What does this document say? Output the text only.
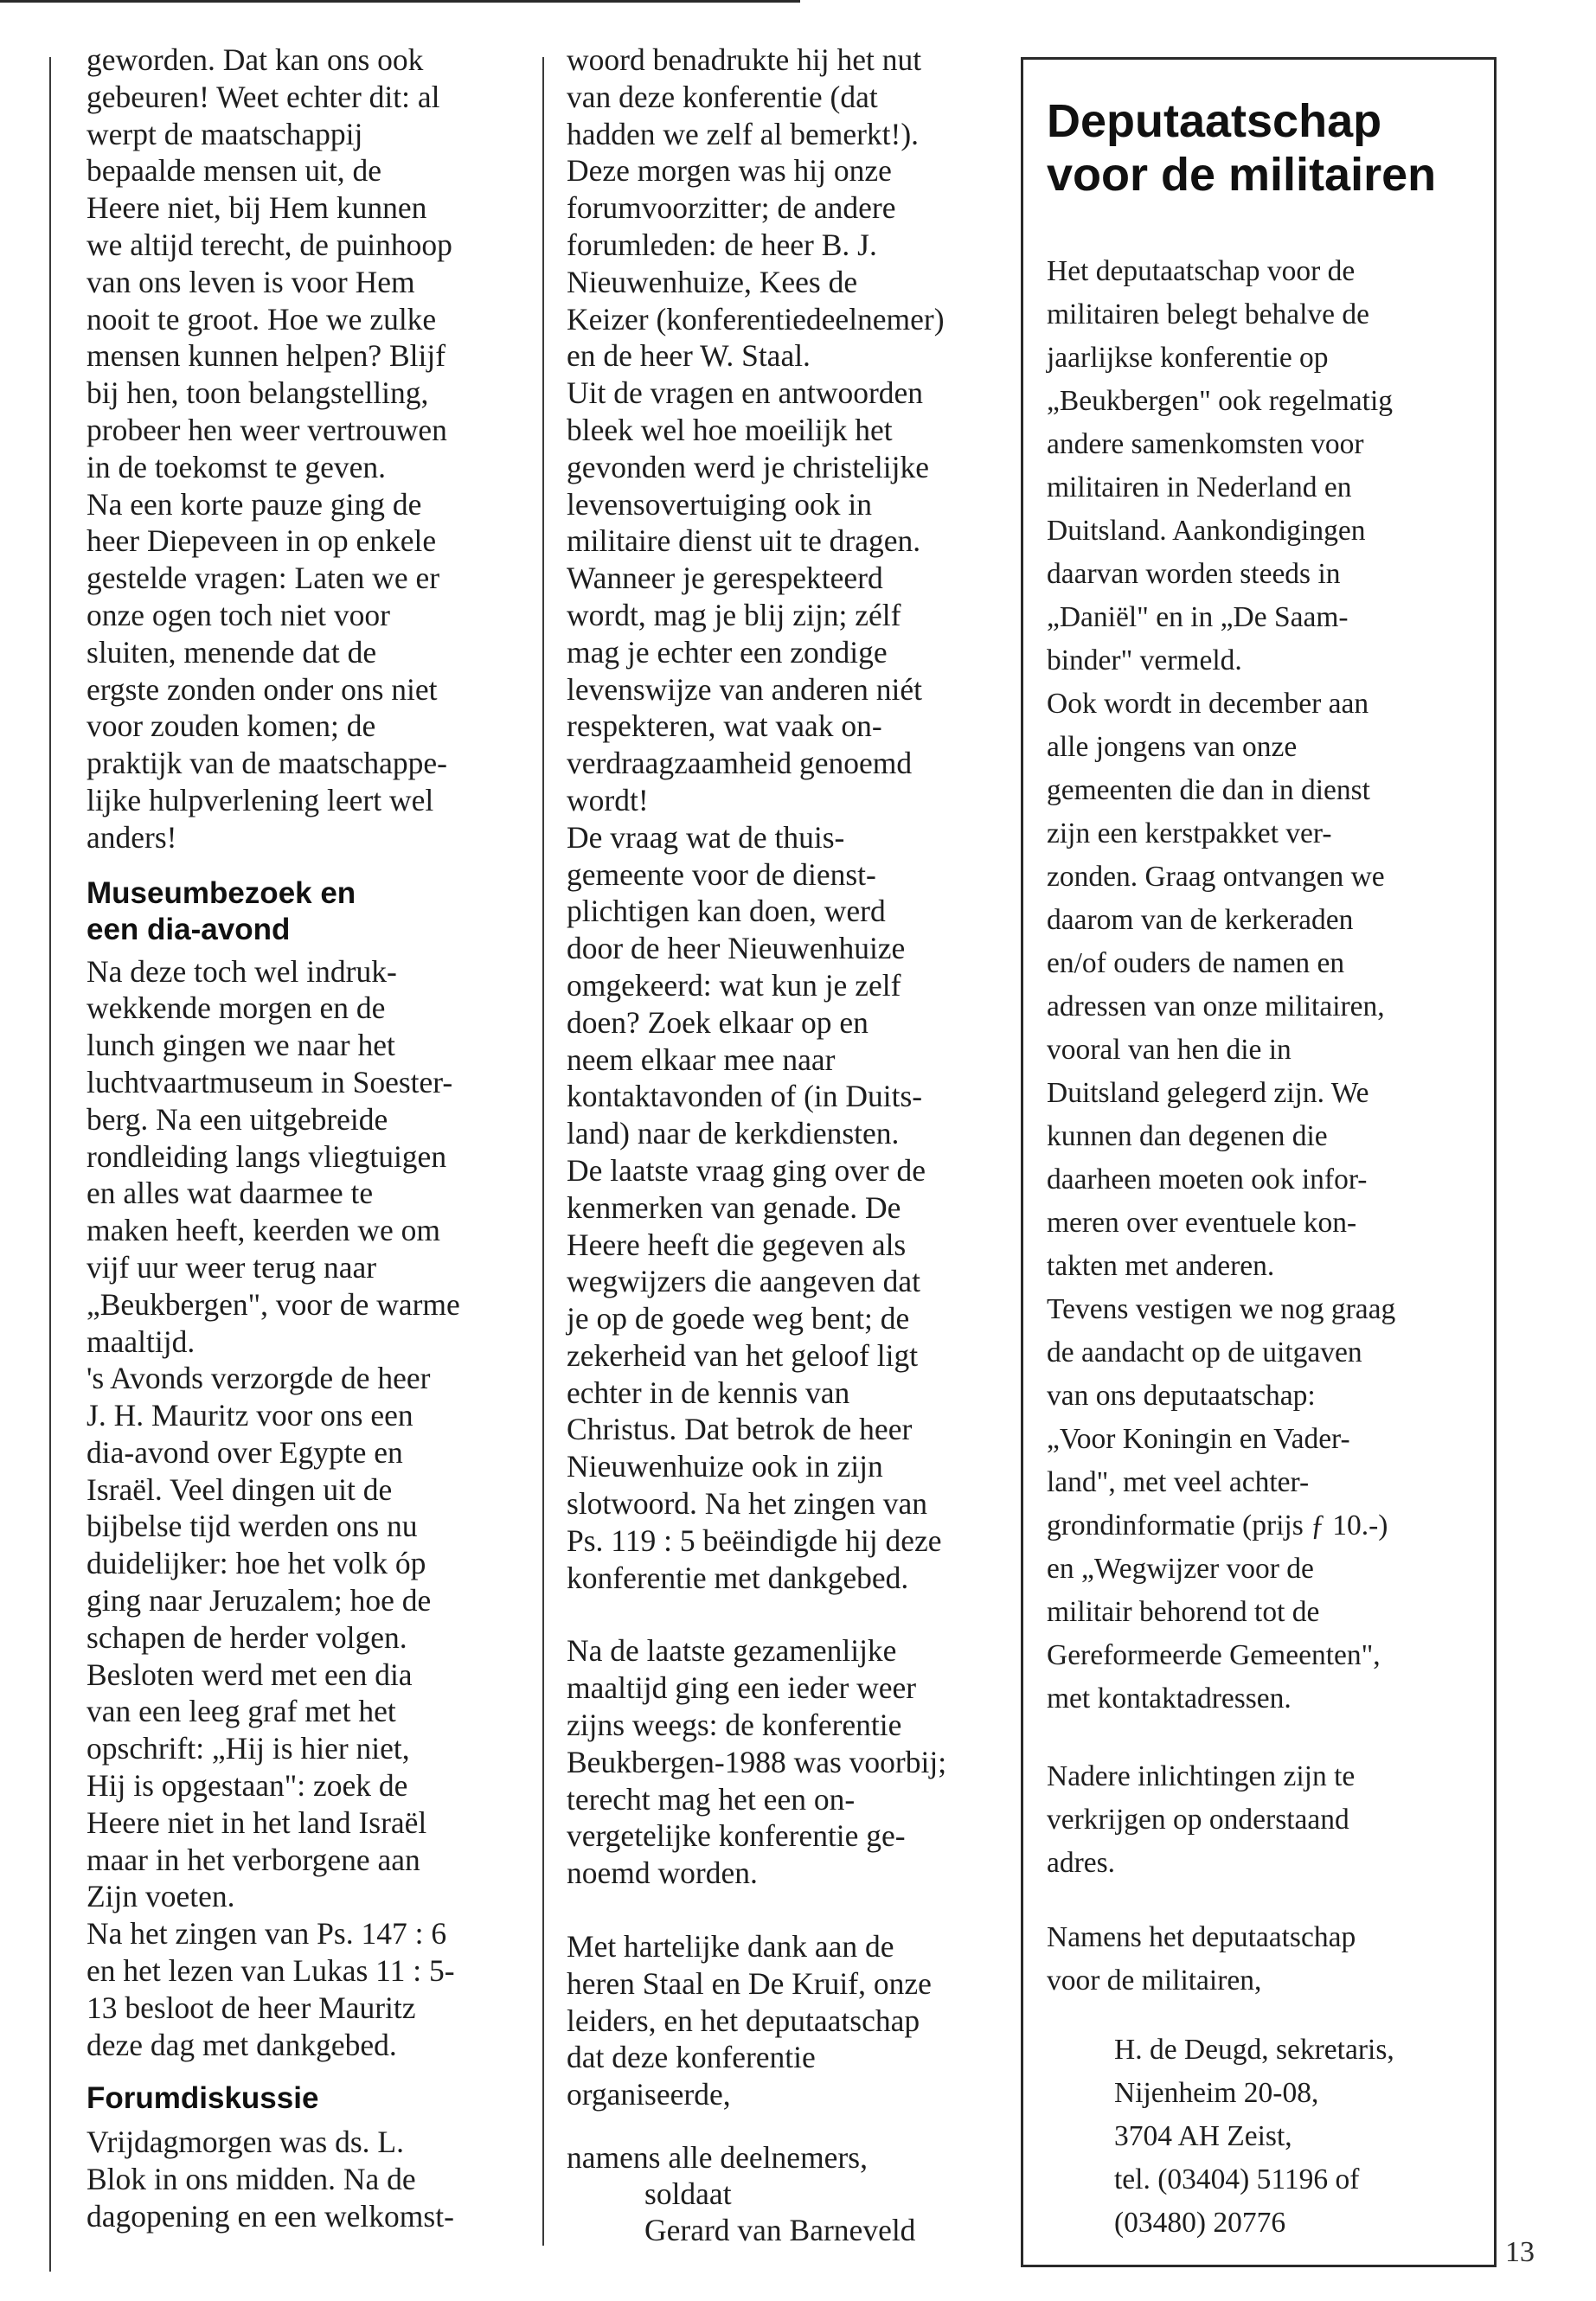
geworden. Dat kan ons ook

gebeuren! Weet echter dit: al

werpt de maatschappij

bepaalde mensen uit, de

Heere niet, bij Hem kunnen

we altijd terecht, de puinhoop

van ons leven is voor Hem

nooit te groot. Hoe we zulke

mensen kunnen helpen? Blijf

bij hen, toon belangstelling,

probeer hen weer vertrouwen

in de toekomst te geven.

Na een korte pauze ging de

heer Diepeveen in op enkele

gestelde vragen: Laten we er

onze ogen toch niet voor

sluiten, menende dat de

ergste zonden onder ons niet

voor zouden komen; de

praktijk van de maatschappe-

lijke hulpverlening leert wel

anders!

Museumbezoek en
een dia-avond

Na deze toch wel indruk-

wekkende morgen en de

lunch gingen we naar het

luchtvaartmuseum in Soester-

berg. Na een uitgebreide

rondleiding langs vliegtuigen

en alles wat daarmee te

maken heeft, keerden we om

vijf uur weer terug naar

„Beukbergen", voor de warme

maaltijd.

's Avonds verzorgde de heer

J. H. Mauritz voor ons een

dia-avond over Egypte en

Israël. Veel dingen uit de

bijbelse tijd werden ons nu

duidelijker: hoe het volk óp

ging naar Jeruzalem; hoe de

schapen de herder volgen.

Besloten werd met een dia

van een leeg graf met het

opschrift: „Hij is hier niet,

Hij is opgestaan": zoek de

Heere niet in het land Israël

maar in het verborgene aan

Zijn voeten.

Na het zingen van Ps. 147 : 6

en het lezen van Lukas 11 : 5-

13 besloot de heer Mauritz

deze dag met dankgebed.

Forumdiskussie

Vrijdagmorgen was ds. L.

Blok in ons midden. Na de

dagopening en een welkomst-

woord benadrukte hij het nut

van deze konferentie (dat

hadden we zelf al bemerkt!).

Deze morgen was hij onze

forumvoorzitter; de andere

forumleden: de heer B. J.

Nieuwenhuize, Kees de

Keizer (konferentiedeelnemer)

en de heer W. Staal.

Uit de vragen en antwoorden

bleek wel hoe moeilijk het

gevonden werd je christelijke

levensovertuiging ook in

militaire dienst uit te dragen.

Wanneer je gerespekteerd

wordt, mag je blij zijn; zélf

mag je echter een zondige

levenswijze van anderen niét

respekteren, wat vaak on-

verdraagzaamheid genoemd

wordt!

De vraag wat de thuis-

gemeente voor de dienst-

plichtigen kan doen, werd

door de heer Nieuwenhuize

omgekeerd: wat kun je zelf

doen? Zoek elkaar op en

neem elkaar mee naar

kontaktavonden of (in Duits-

land) naar de kerkdiensten.

De laatste vraag ging over de

kenmerken van genade. De

Heere heeft die gegeven als

wegwijzers die aangeven dat

je op de goede weg bent; de

zekerheid van het geloof ligt

echter in de kennis van

Christus. Dat betrok de heer

Nieuwenhuize ook in zijn

slotwoord. Na het zingen van

Ps. 119 : 5 beëindigde hij deze

konferentie met dankgebed.

Na de laatste gezamenlijke

maaltijd ging een ieder weer

zijns weegs: de konferentie

Beukbergen-1988 was voorbij;

terecht mag het een on-

vergetelijke konferentie ge-

noemd worden.

Met hartelijke dank aan de

heren Staal en De Kruif, onze

leiders, en het deputaatschap

dat deze konferentie

organiseerde,

namens alle deelnemers,

soldaat

Gerard van Barneveld

Deputaatschap
voor de militairen

Het deputaatschap voor de

militairen belegt behalve de

jaarlijkse konferentie op

„Beukbergen" ook regelmatig

andere samenkomsten voor

militairen in Nederland en

Duitsland. Aankondigingen

daarvan worden steeds in

„Daniël" en in „De Saam-

binder" vermeld.

Ook wordt in december aan

alle jongens van onze

gemeenten die dan in dienst

zijn een kerstpakket ver-

zonden. Graag ontvangen we

daarom van de kerkeraden

en/of ouders de namen en

adressen van onze militairen,

vooral van hen die in

Duitsland gelegerd zijn. We

kunnen dan degenen die

daarheen moeten ook infor-

meren over eventuele kon-

takten met anderen.

Tevens vestigen we nog graag

de aandacht op de uitgaven

van ons deputaatschap:

„Voor Koningin en Vader-

land", met veel achter-

grondinformatie (prijs ƒ 10.-)

en „Wegwijzer voor de

militair behorend tot de

Gereformeerde Gemeenten",

met kontaktadressen.

Nadere inlichtingen zijn te

verkrijgen op onderstaand

adres.

Namens het deputaatschap

voor de militairen,

H. de Deugd, sekretaris,

Nijenheim 20-08,

3704 AH Zeist,

tel. (03404) 51196 of

(03480) 20776

13
